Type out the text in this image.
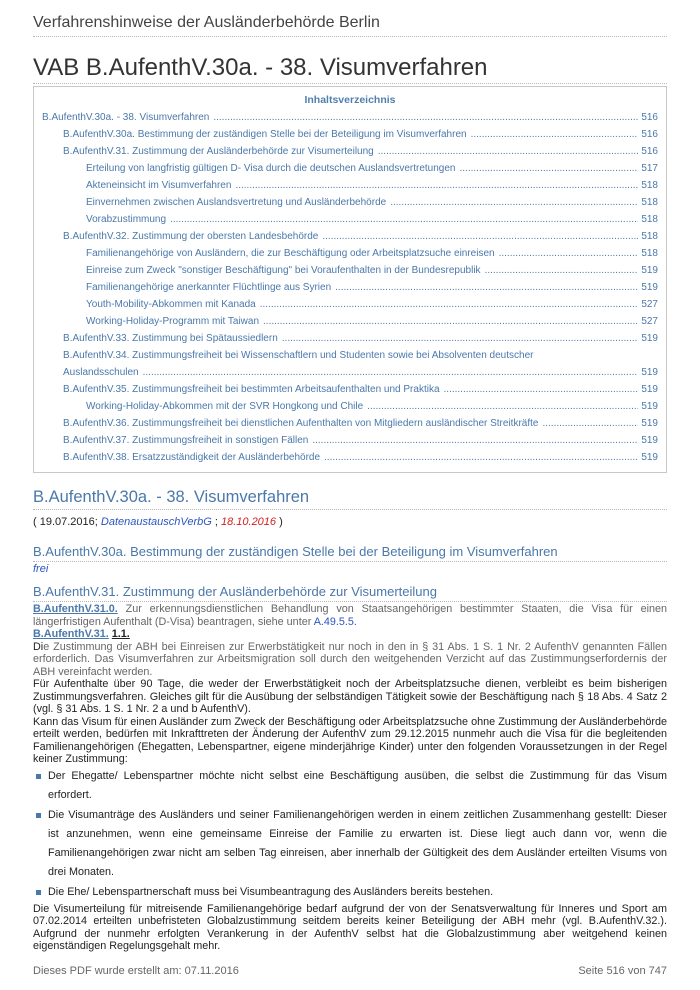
Verfahrenshinweise der Ausländerbehörde Berlin
VAB B.AufenthV.30a. - 38. Visumverfahren
Inhaltsverzeichnis
B.AufenthV.30a. - 38. Visumverfahren .....	516
B.AufenthV.30a. Bestimmung der zuständigen Stelle bei der Beteiligung im Visumverfahren .....	516
B.AufenthV.31. Zustimmung der Ausländerbehörde zur Visumerteilung .....	516
Erteilung von langfristig gültigen D- Visa durch die deutschen Auslandsvertretungen .....	517
Akteneinsicht im Visumverfahren .....	518
Einvernehmen zwischen Auslandsvertretung und Ausländerbehörde .....	518
Vorabzustimmung .....	518
B.AufenthV.32. Zustimmung der obersten Landesbehörde .....	518
Familienangehörige von Ausländern, die zur Beschäftigung oder Arbeitsplatzsuche einreisen .....	518
Einreise zum Zweck "sonstiger Beschäftigung" bei Voraufenthalten in der Bundesrepublik .....	519
Familienangehörige anerkannter Flüchtlinge aus Syrien .....	519
Youth-Mobility-Abkommen mit Kanada .....	527
Working-Holiday-Programm mit Taiwan .....	527
B.AufenthV.33. Zustimmung bei Spätaussiedlern .....	519
B.AufenthV.34. Zustimmungsfreiheit bei Wissenschaftlern und Studenten sowie bei Absolventen deutscher
Auslandsschulen .....	519
B.AufenthV.35. Zustimmungsfreiheit bei bestimmten Arbeitsaufenthalten und Praktika .....	519
Working-Holiday-Abkommen mit der SVR Hongkong und Chile .....	519
B.AufenthV.36. Zustimmungsfreiheit bei dienstlichen Aufenthalten von Mitgliedern ausländischer Streitkräfte .....	519
B.AufenthV.37. Zustimmungsfreiheit in sonstigen Fällen .....	519
B.AufenthV.38. Ersatzzuständigkeit der Ausländerbehörde .....	519
B.AufenthV.30a. - 38. Visumverfahren
( 19.07.2016; DatenaustauschVerbG ; 18.10.2016 )
B.AufenthV.30a. Bestimmung der zuständigen Stelle bei der Beteiligung im Visumverfahren
frei
B.AufenthV.31. Zustimmung der Ausländerbehörde zur Visumerteilung
B.AufenthV.31.0. Zur erkennungsdienstlichen Behandlung von Staatsangehörigen bestimmter Staaten, die Visa für einen längerfristigen Aufenthalt (D-Visa) beantragen, siehe unter A.49.5.5.
B.AufenthV.31. 1.1.
Die Zustimmung der ABH bei Einreisen zur Erwerbstätigkeit nur noch in den in § 31 Abs. 1 S. 1 Nr. 2 AufenthV genannten Fällen erforderlich. Das Visumverfahren zur Arbeitsmigration soll durch den weitgehenden Verzicht auf das Zustimmungserfordernis der ABH vereinfacht werden.
Für Aufenthalte über 90 Tage, die weder der Erwerbstätigkeit noch der Arbeitsplatzsuche dienen, verbleibt es beim bisherigen Zustimmungsverfahren. Gleiches gilt für die Ausübung der selbständigen Tätigkeit sowie der Beschäftigung nach § 18 Abs. 4 Satz 2 (vgl. § 31 Abs. 1 S. 1 Nr. 2 a und b AufenthV).
Kann das Visum für einen Ausländer zum Zweck der Beschäftigung oder Arbeitsplatzsuche ohne Zustimmung der Ausländerbehörde erteilt werden, bedürfen mit Inkrafttreten der Änderung der AufenthV zum 29.12.2015 nunmehr auch die Visa für die begleitenden Familienangehörigen (Ehegatten, Lebenspartner, eigene minderjährige Kinder) unter den folgenden Voraussetzungen in der Regel keiner Zustimmung:
Der Ehegatte/ Lebenspartner möchte nicht selbst eine Beschäftigung ausüben, die selbst die Zustimmung für das Visum erfordert.
Die Visumanträge des Ausländers und seiner Familienangehörigen werden in einem zeitlichen Zusammenhang gestellt: Dieser ist anzunehmen, wenn eine gemeinsame Einreise der Familie zu erwarten ist. Diese liegt auch dann vor, wenn die Familienangehörigen zwar nicht am selben Tag einreisen, aber innerhalb der Gültigkeit des dem Ausländer erteilten Visums von drei Monaten.
Die Ehe/ Lebenspartnerschaft muss bei Visumbeantragung des Ausländers bereits bestehen.
Die Visumerteilung für mitreisende Familienangehörige bedarf aufgrund der von der Senatsverwaltung für Inneres und Sport am 07.02.2014 erteilten unbefristeten Globalzustimmung seitdem bereits keiner Beteiligung der ABH mehr (vgl. B.AufenthV.32.). Aufgrund der nunmehr erfolgten Verankerung in der AufenthV selbst hat die Globalzustimmung aber weitgehend keinen eigenständigen Regelungsgehalt mehr.
Dieses PDF wurde erstellt am: 07.11.2016	Seite 516 von 747
